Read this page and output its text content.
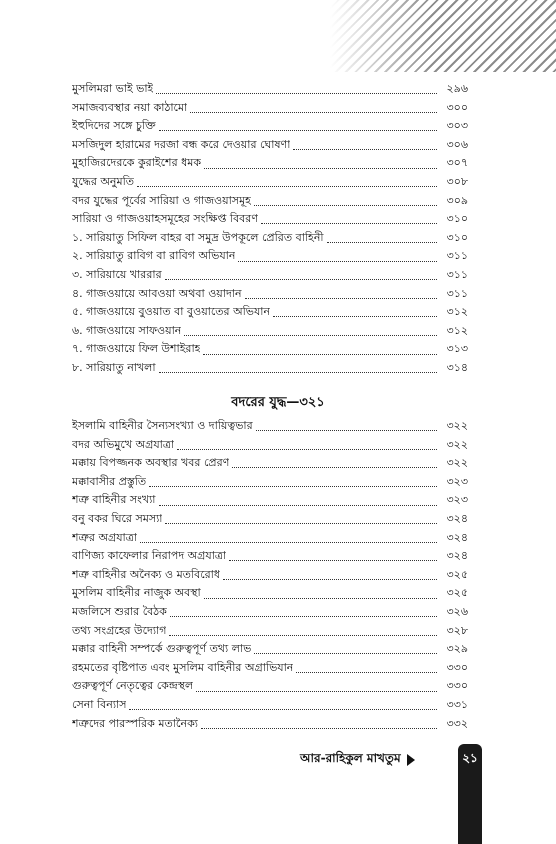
মুসলিমরা ভাই ভাই	২৯৬
সমাজব্যবস্থার নয়া কাঠামো	৩০০
ইহুদিদের সঙ্গে চুক্তি	৩০৩
মসজিদুল হারামের দরজা বন্ধ করে দেওয়ার ঘোষণা	৩০৬
মুহাজিরদেরকে কুরাইশের ধমক	৩০৭
যুদ্ধের অনুমতি	৩০৮
বদর যুদ্ধের পূর্বের সারিয়া ও গাজওয়াসমূহ	৩০৯
সারিয়া ও গাজওয়াহসমূহের সংক্ষিপ্ত বিবরণ	৩১০
১. সারিয়াতু সিফিল বাহর বা সমুদ্র উপকূলে প্রেরিত বাহিনী	৩১০
২. সারিয়াতু রাবিগ বা রাবিগ অভিযান	৩১১
৩. সারিয়ায়ে খাররার	৩১১
৪. গাজওয়ায়ে আবওয়া অথবা ওয়াদান	৩১১
৫. গাজওয়ায়ে বুওয়াত বা বুওয়াতের অভিযান	৩১২
৬. গাজওয়ায়ে সাফওয়ান	৩১২
৭. গাজওয়ায়ে ফিল উশাইরাহ	৩১৩
৮. সারিয়াতু নাখলা	৩১৪
বদরের যুদ্ধ—৩২১
ইসলামি বাহিনীর সৈন্যসংখ্যা ও দায়িত্বভার	৩২২
বদর অভিমুখে অগ্রযাত্রা	৩২২
মক্কায় বিপজ্জনক অবস্থার খবর প্রেরণ	৩২২
মক্কাবাসীর প্রস্তুতি	৩২৩
শত্রু বাহিনীর সংখ্যা	৩২৩
বনু বকর ঘিরে সমস্যা	৩২৪
শত্রুর অগ্রযাত্রা	৩২৪
বাণিজ্য কাফেলার নিরাপদ অগ্রযাত্রা	৩২৪
শত্রু বাহিনীর অনৈক্য ও মতবিরোধ	৩২৫
মুসলিম বাহিনীর নাজুক অবস্থা	৩২৫
মজলিসে শুরার বৈঠক	৩২৬
তথ্য সংগ্রহের উদ্যোগ	৩২৮
মক্কার বাহিনী সম্পর্কে গুরুত্বপূর্ণ তথ্য লাভ	৩২৯
রহমতের বৃষ্টিপাত এবং মুসলিম বাহিনীর অগ্রাভিযান	৩৩০
গুরুত্বপূর্ণ নেতৃত্বের কেন্দ্রস্থল	৩৩০
সেনা বিন্যাস	৩৩১
শত্রুদের পারস্পরিক মতানৈক্য	৩৩২
আর-রাহিকুল মাখতুম	২১
